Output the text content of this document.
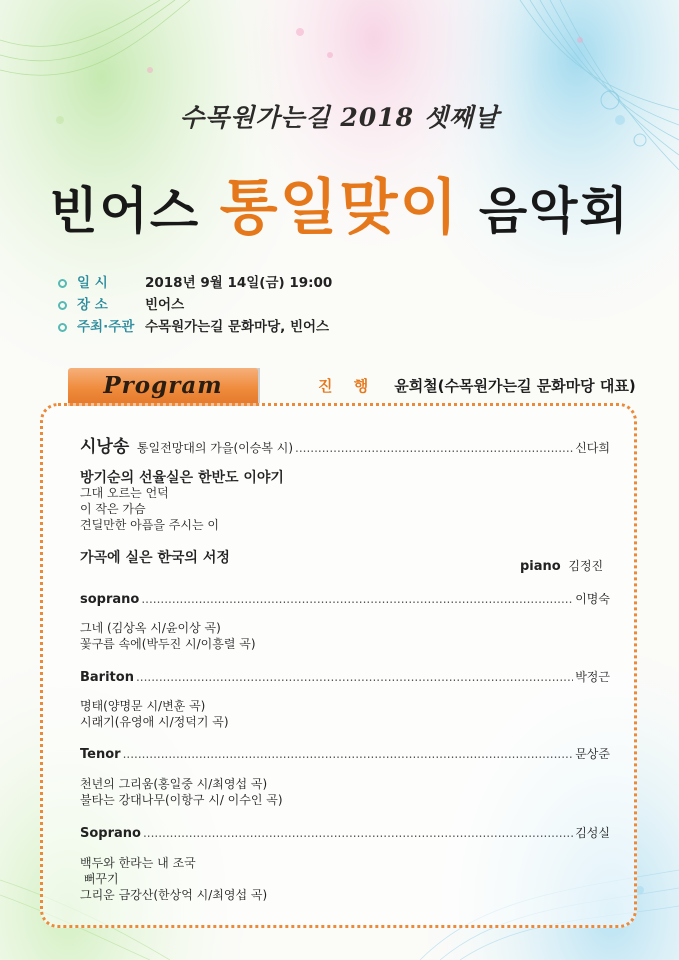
수목원가는길 2018 셋째날
빈어스 통일맞이 음악회
일 시	2018년 9월 14일(금) 19:00
장 소	빈어스
주최·주관 수목원가는길 문화마당, 빈어스
Program	진 행 윤희철(수목원가는길 문화마당 대표)
시낭송 통일전망대의 가을(이승복 시) .....	신다희
방기순의 선율실은 한반도 이야기
그대 오르는 언덕
이 작은 가슴
견딜만한 아픔을 주시는 이
가곡에 실은 한국의 서정
piano 김정진
soprano .....	이명숙
그네 (김상옥 시/윤이상 곡)
꽃구름 속에(박두진 시/이흥렬 곡)
Bariton .....	박정근
명태(양명문 시/변훈 곡)
시래기(유영애 시/정덕기 곡)
Tenor .....	문상준
천년의 그리움(홍일중 시/최영섭 곡)
불타는 강대나무(이항구 시/ 이수인 곡)
Soprano .....	김성실
백두와 한라는 내 조국
뻐꾸기
그리운 금강산(한상억 시/최영섭 곡)
